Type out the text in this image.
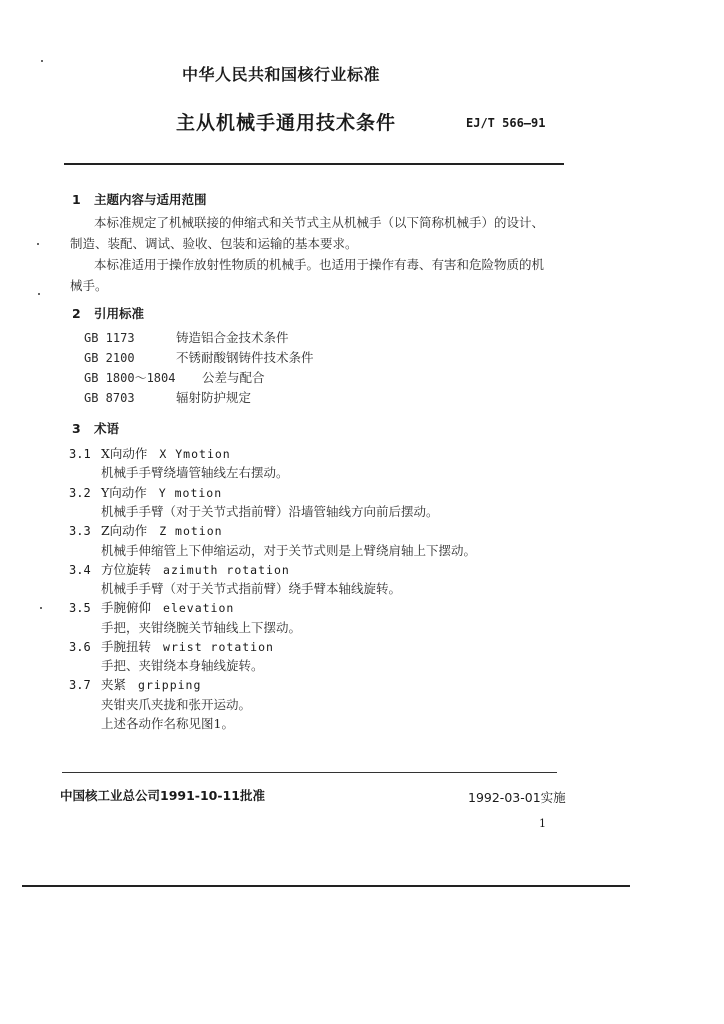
中华人民共和国核行业标准
主从机械手通用技术条件	EJ/T 566—91
1 主题内容与适用范围
本标准规定了机械联接的伸缩式和关节式主从机械手（以下简称机械手）的设计、
制造、装配、调试、验收、包装和运输的基本要求。
本标准适用于操作放射性物质的机械手。也适用于操作有毒、有害和危险物质的机
械手。
2 引用标准
GB 1173	铸造铝合金技术条件
GB 2100	不锈耐酸钢铸件技术条件
GB 1800～1804 公差与配合
GB 8703	辐射防护规定
3 术语
3.1 X向动作 X Ymotion
机械手手臂绕墙管轴线左右摆动。
3.2 Y向动作 Y motion
机械手手臂（对于关节式指前臂）沿墙管轴线方向前后摆动。
3.3 Z向动作 Z motion
机械手伸缩管上下伸缩运动，对于关节式则是上臂绕肩轴上下摆动。
3.4 方位旋转 azimuth rotation
机械手手臂（对于关节式指前臂）绕手臂本轴线旋转。
3.5 手腕俯仰 elevation
手把，夹钳绕腕关节轴线上下摆动。
3.6 手腕扭转 wrist rotation
手把、夹钳绕本身轴线旋转。
3.7 夹紧 gripping
夹钳夹爪夹拢和张开运动。
上述各动作名称见图1。
中国核工业总公司1991-10-11批准	1992-03-01实施
1
